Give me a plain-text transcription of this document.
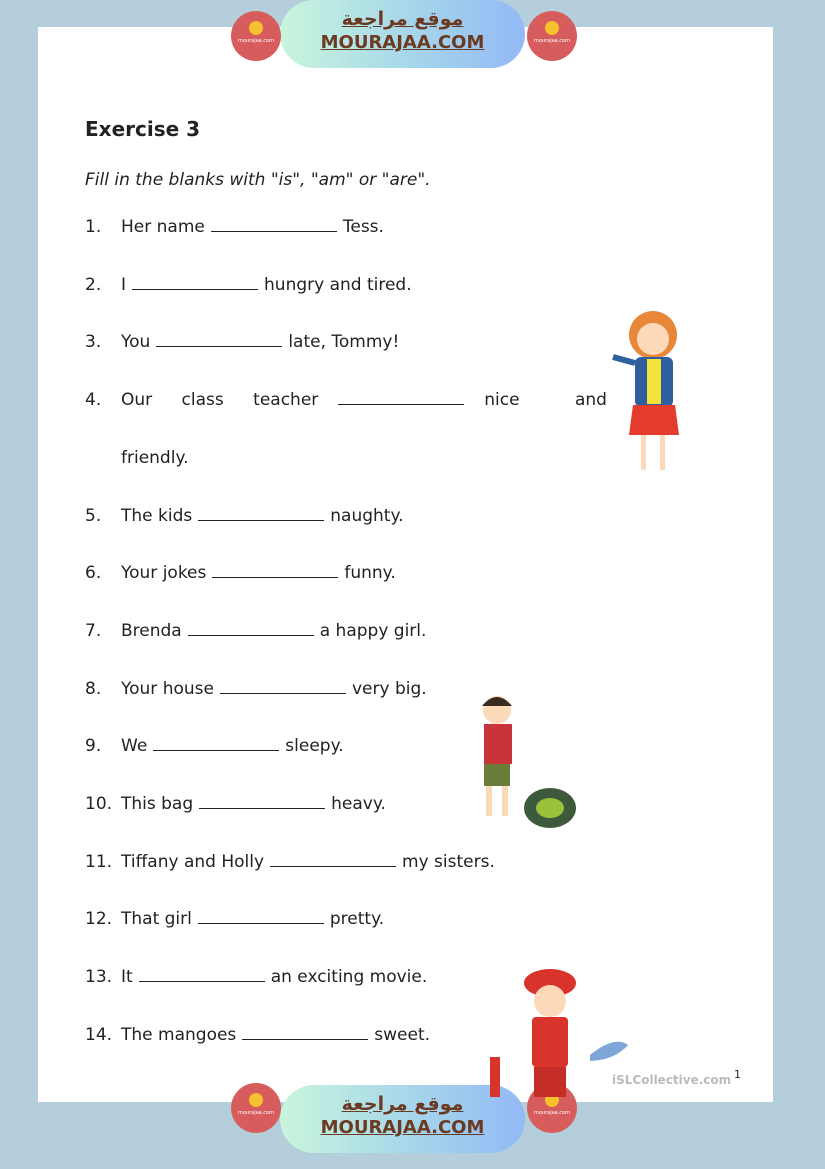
موقع مراجعة
MOURAJAA.COM
موقع مراجعة
MOURAJAA.COM
mourajaa.com	mourajaa.com
mourajaa.com	mourajaa.com
Exercise 3
Fill in the blanks with "is", "am" or "are".
1. Her name	Tess.
2. I	hungry and tired.
3. You	late, Tommy!
4. Our class teacher	nice and
friendly.
5. The kids	naughty.
6. Your jokes	funny.
7. Brenda	a happy girl.
8. Your house	very big.
9. We	sleepy.
10. This bag	heavy.
11. Tiffany and Holly	my sisters.
12. That girl	pretty.
13. It	an exciting movie.
14. The mangoes	sweet.
iSLCollective.com 1
